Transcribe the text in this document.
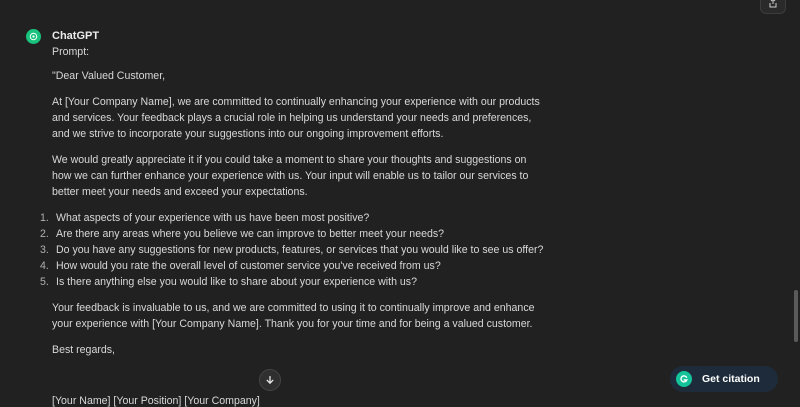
ChatGPT

Prompt:

"Dear Valued Customer,

At [Your Company Name], we are committed to continually enhancing your experience with our products and services. Your feedback plays a crucial role in helping us understand your needs and preferences, and we strive to incorporate your suggestions into our ongoing improvement efforts.

We would greatly appreciate it if you could take a moment to share your thoughts and suggestions on how we can further enhance your experience with us. Your input will enable us to tailor our services to better meet your needs and exceed your expectations.

1. What aspects of your experience with us have been most positive?
2. Are there any areas where you believe we can improve to better meet your needs?
3. Do you have any suggestions for new products, features, or services that you would like to see us offer?
4. How would you rate the overall level of customer service you've received from us?
5. Is there anything else you would like to share about your experience with us?

Your feedback is invaluable to us, and we are committed to using it to continually improve and enhance your experience with [Your Company Name]. Thank you for your time and for being a valued customer.

Best regards,

[Your Name] [Your Position] [Your Company]
Get citation
